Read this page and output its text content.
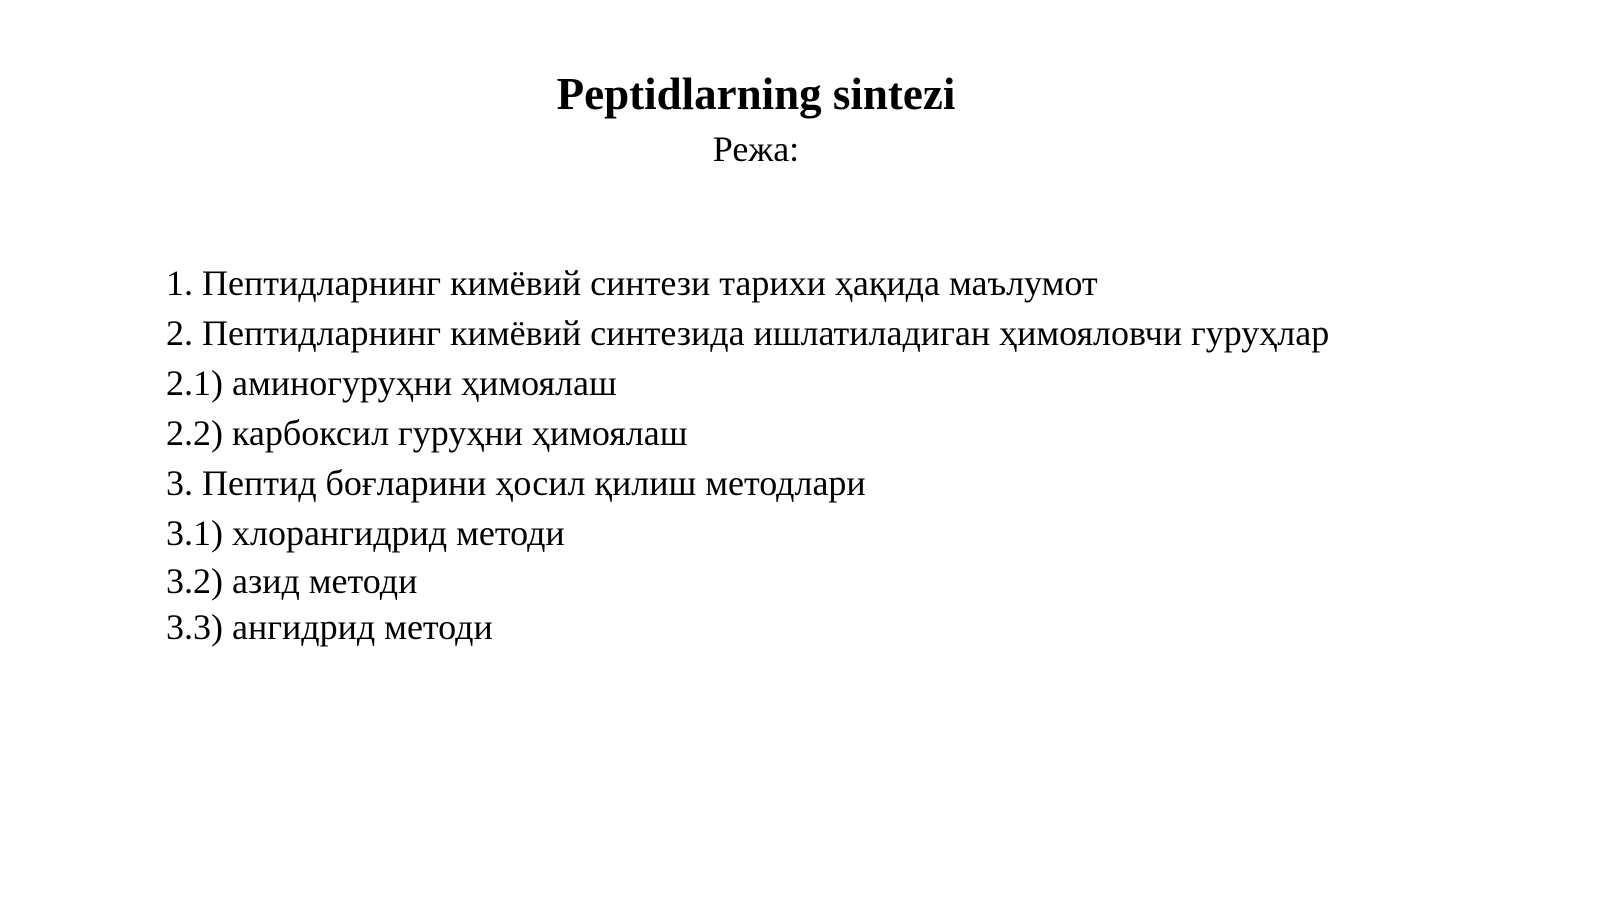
Peptidlarning sintezi

Режа:

1. Пептидларнинг кимёвий синтези тарихи ҳақида маълумот
2. Пептидларнинг кимёвий синтезида ишлатиладиган ҳимояловчи гуруҳлар
2.1) аминогуруҳни ҳимоялаш
2.2) карбоксил гуруҳни ҳимоялаш
3. Пептид боғларини ҳосил қилиш методлари
3.1) хлорангидрид методи
3.2) азид методи
3.3) ангидрид методи
